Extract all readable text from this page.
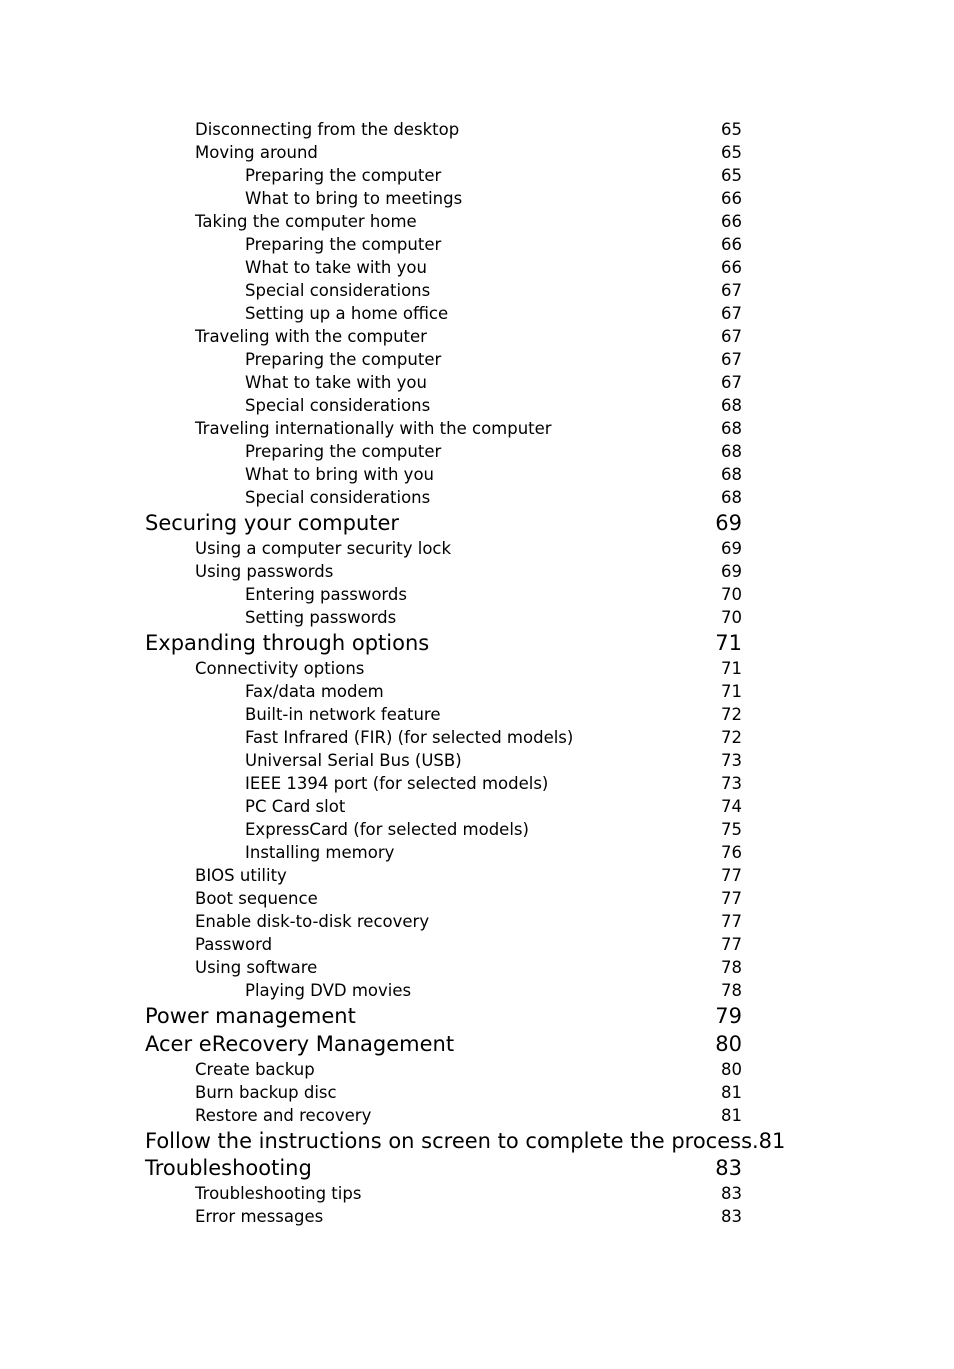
Disconnecting from the desktop	65
Moving around	65
Preparing the computer	65
What to bring to meetings	66
Taking the computer home	66
Preparing the computer	66
What to take with you	66
Special considerations	67
Setting up a home office	67
Traveling with the computer	67
Preparing the computer	67
What to take with you	67
Special considerations	68
Traveling internationally with the computer	68
Preparing the computer	68
What to bring with you	68
Special considerations	68
Securing your computer	69
Using a computer security lock	69
Using passwords	69
Entering passwords	70
Setting passwords	70
Expanding through options	71
Connectivity options	71
Fax/data modem	71
Built-in network feature	72
Fast Infrared (FIR) (for selected models)	72
Universal Serial Bus (USB)	73
IEEE 1394 port (for selected models)	73
PC Card slot	74
ExpressCard (for selected models)	75
Installing memory	76
BIOS utility	77
Boot sequence	77
Enable disk-to-disk recovery	77
Password	77
Using software	78
Playing DVD movies	78
Power management	79
Acer eRecovery Management	80
Create backup	80
Burn backup disc	81
Restore and recovery	81
Follow the instructions on screen to complete the process.81
Troubleshooting	83
Troubleshooting tips	83
Error messages	83
